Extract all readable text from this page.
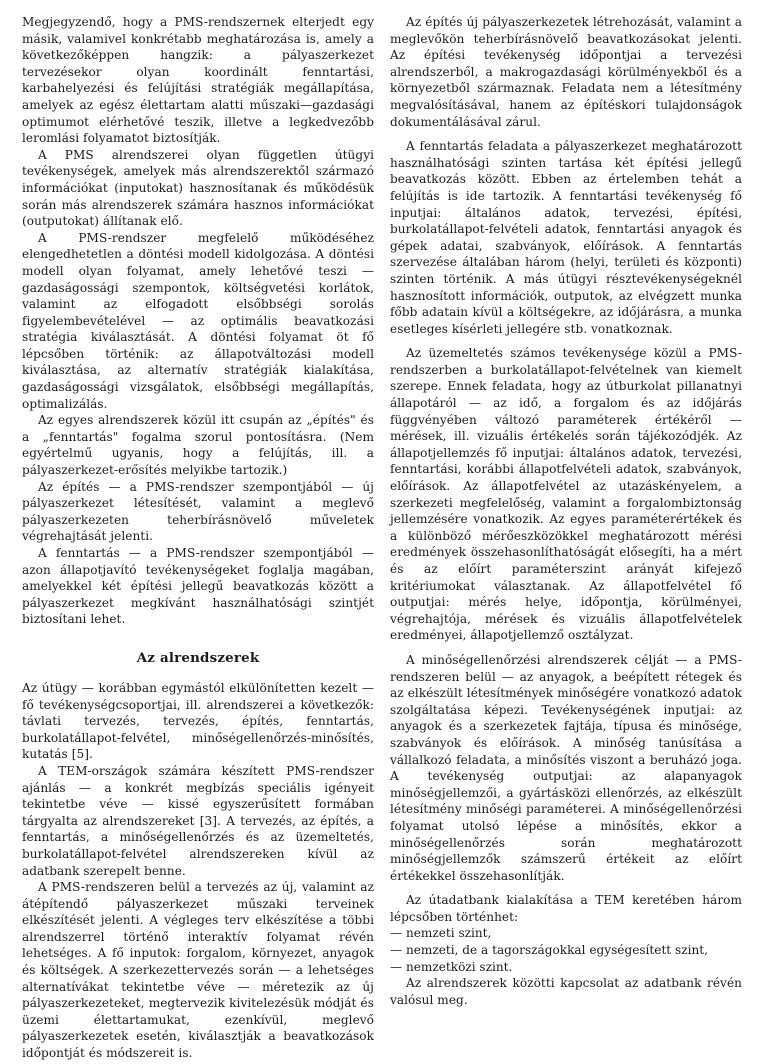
Megjegyzendő, hogy a PMS-rendszernek elterjedt egy másik, valamivel konkrétabb meghatározása is, amely a következőképpen hangzik: a pályaszerkezet tervezésekor olyan koordinált fenntartási, karbahelyezési és felújítási stratégiák megállapítása, amelyek az egész élettartam alatti műszaki—gazdasági optimumot elérhetővé teszik, illetve a legkedvezőbb leromlási folyamatot biztosítják.

A PMS alrendszerei olyan független útügyi tevékenységek, amelyek más alrendszerektől származó információkat (inputokat) hasznosítanak és működésük során más alrendszerek számára hasznos információkat (outputokat) állítanak elő.

A PMS-rendszer megfelelő működéséhez elengedhetetlen a döntési modell kidolgozása. A döntési modell olyan folyamat, amely lehetővé teszi — gazdaságossági szempontok, költségvetési korlátok, valamint az elfogadott elsőbbségi sorolás figyelembevételével — az optimális beavatkozási stratégia kiválasztását. A döntési folyamat öt fő lépcsőben történik: az állapotváltozási modell kiválasztása, az alternatív stratégiák kialakítása, gazdaságossági vizsgálatok, elsőbbségi megállapítás, optimalizálás.

Az egyes alrendszerek közül itt csupán az „építés" és a „fenntartás" fogalma szorul pontosításra. (Nem egyértelmű ugyanis, hogy a felújítás, ill. a pályaszerkezet-erősítés melyikbe tartozik.)

Az építés — a PMS-rendszer szempontjából — új pályaszerkezet létesítését, valamint a meglevő pályaszerkezeten teherbírásnövelő műveletek végrehajtását jelenti.

A fenntartás — a PMS-rendszer szempontjából — azon állapotjavító tevékenységeket foglalja magában, amelyekkel két építési jellegű beavatkozás között a pályaszerkezet megkívánt használhatósági szintjét biztosítani lehet.

Az alrendszerek

Az útügy — korábban egymástól elkülönítetten kezelt — fő tevékenységcsoportjai, ill. alrendszerei a következők: távlati tervezés, tervezés, építés, fenntartás, burkolatállapot-felvétel, minőségellenőrzés-minősítés, kutatás [5].

A TEM-országok számára készített PMS-rendszer ajánlás — a konkrét megbízás speciális igényeit tekintetbe véve — kissé egyszerűsített formában tárgyalta az alrendszereket [3]. A tervezés, az építés, a fenntartás, a minőségellenőrzés és az üzemeltetés, burkolatállapot-felvétel alrendszereken kívül az adatbank szerepelt benne.

A PMS-rendszeren belül a tervezés az új, valamint az átépítendő pályaszerkezet műszaki terveinek elkészítését jelenti. A végleges terv elkészítése a többi alrendszerrel történő interaktív folyamat révén lehetséges. A fő inputok: forgalom, környezet, anyagok és költségek. A szerkezettervezés során — a lehetséges alternatívákat tekintetbe véve — méretezik az új pályaszerkezeteket, megtervezik kivitelezésük módját és üzemi élettartamukat, ezenkívül, meglevő pályaszerkezetek esetén, kiválasztják a beavatkozások időpontját és módszereit is.

Az építés új pályaszerkezetek létrehozását, valamint a meglevőkön teherbírásnövelő beavatkozásokat jelenti. Az építési tevékenység időpontjai a tervezési alrendszerből, a makrogazdasági körülményekből és a környezetből származnak. Feladata nem a létesítmény megvalósításával, hanem az építéskori tulajdonságok dokumentálásával zárul.

A fenntartás feladata a pályaszerkezet meghatározott használhatósági szinten tartása két építési jellegű beavatkozás között. Ebben az értelemben tehát a felújítás is ide tartozik. A fenntartási tevékenység fő inputjai: általános adatok, tervezési, építési, burkolatállapot-felvételi adatok, fenntartási anyagok és gépek adatai, szabványok, előírások. A fenntartás szervezése általában három (helyi, területi és központi) szinten történik. A más útügyi résztevékenységeknél hasznosított információk, outputok, az elvégzett munka főbb adatain kívül a költségekre, az időjárásra, a munka esetleges kísérleti jellegére stb. vonatkoznak.

Az üzemeltetés számos tevékenysége közül a PMS-rendszerben a burkolatállapot-felvételnek van kiemelt szerepe. Ennek feladata, hogy az útburkolat pillanatnyi állapotáról — az idő, a forgalom és az időjárás függvényében változó paraméterek értékéről — mérések, ill. vizuális értékelés során tájékozódjék. Az állapotjellemzés fő inputjai: általános adatok, tervezési, fenntartási, korábbi állapotfelvételi adatok, szabványok, előírások. Az állapotfelvétel az utazáskényelem, a szerkezeti megfelelőség, valamint a forgalombiztonság jellemzésére vonatkozik. Az egyes paraméterértékek és a különböző mérőeszközökkel meghatározott mérési eredmények összehasonlíthatóságát elősegíti, ha a mért és az előírt paraméterszint arányát kifejező kritériumokat választanak. Az állapotfelvétel fő outputjai: mérés helye, időpontja, körülményei, végrehajtója, mérések és vizuális állapotfelvételek eredményei, állapotjellemző osztályzat.

A minőségellenőrzési alrendszerek célját — a PMS-rendszeren belül — az anyagok, a beépített rétegek és az elkészült létesítmények minőségére vonatkozó adatok szolgáltatása képezi. Tevékenységének inputjai: az anyagok és a szerkezetek fajtája, típusa és minősége, szabványok és előírások. A minőség tanúsítása a vállalkozó feladata, a minősítés viszont a beruházó joga. A tevékenység outputjai: az alapanyagok minőségjellemzői, a gyártásközi ellenőrzés, az elkészült létesítmény minőségi paraméterei. A minőségellenőrzési folyamat utolsó lépése a minősítés, ekkor a minőségellenőrzés során meghatározott minőségjellemzők számszerű értékeit az előírt értékekkel összehasonlítják.

Az útadatbank kialakítása a TEM keretében három lépcsőben történhet:

— nemzeti szint,
— nemzeti, de a tagországokkal egységesített szint,
— nemzetközi szint.

Az alrendszerek közötti kapcsolat az adatbank révén valósul meg.
